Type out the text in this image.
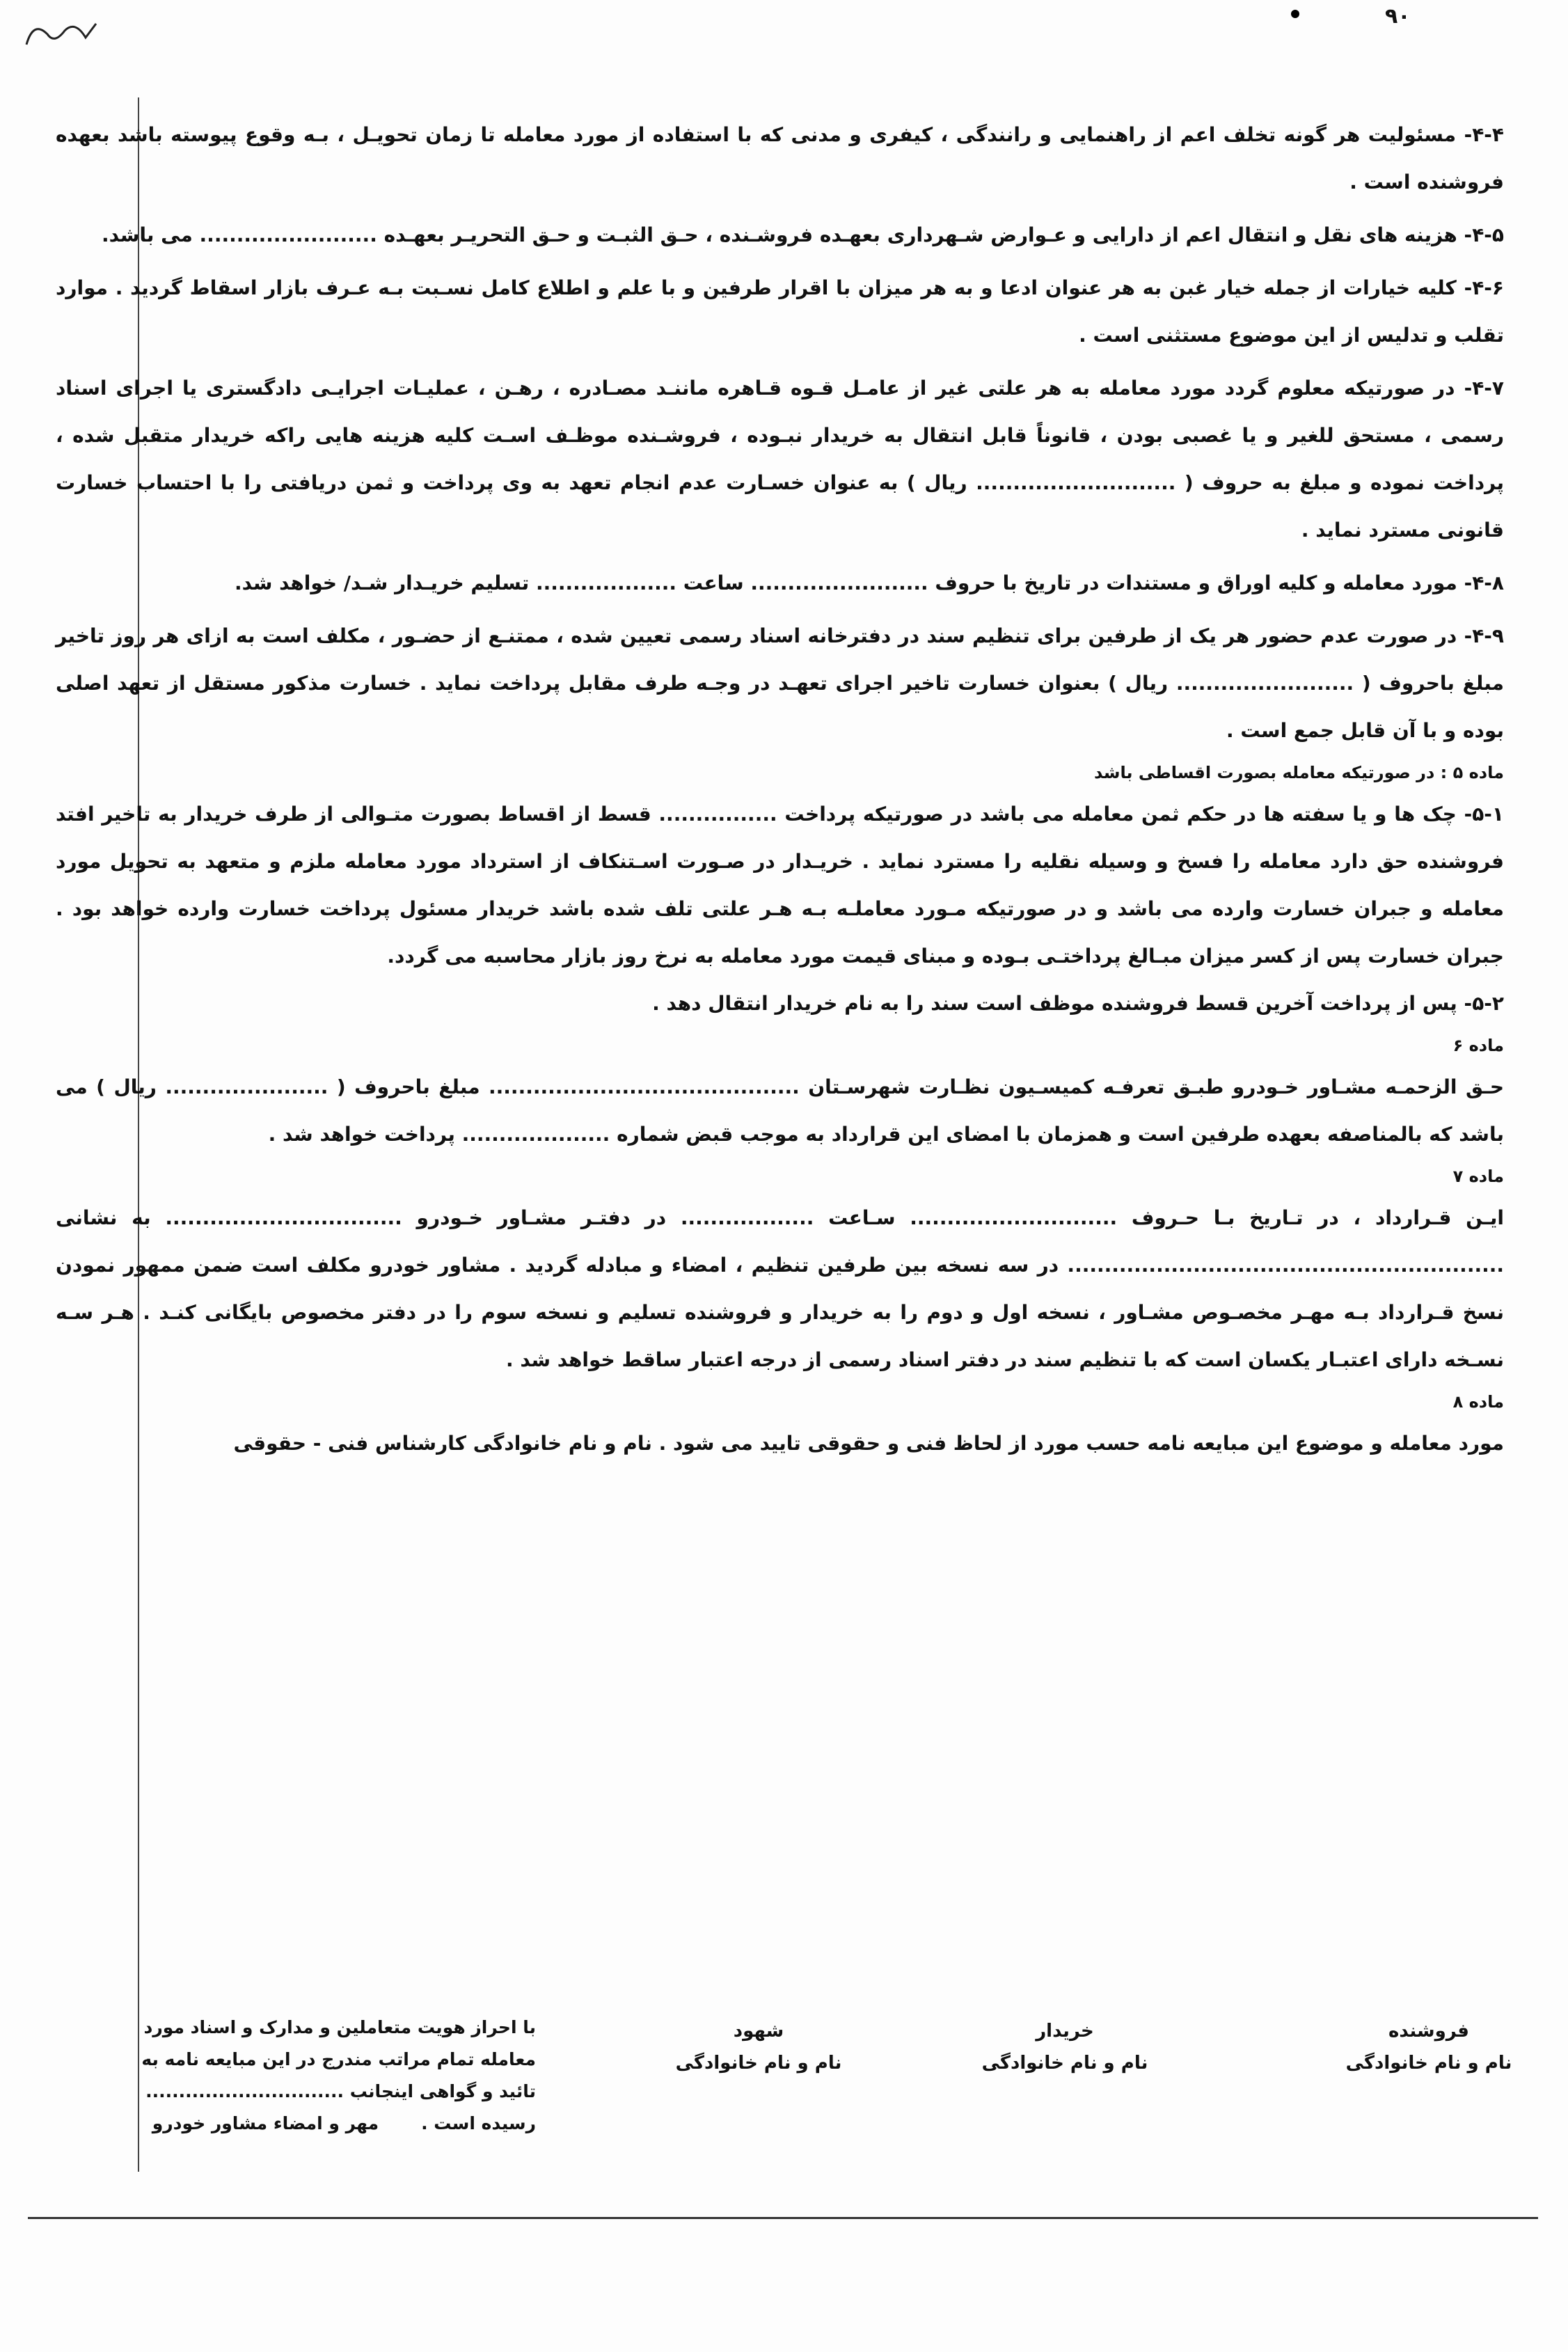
۹۰

۴-۴- مسئولیت هر گونه تخلف اعم از راهنمایی و رانندگی ، کیفری و مدنی که با استفاده از مورد معامله تا زمان تحویـل ، بـه وقوع پیوسته باشد بعهده فروشنده است .

۴-۵- هزینه های نقل و انتقال اعم از دارایی و عـوارض شـهرداری بعهـده فروشـنده ، حـق الثبـت و حـق التحریـر بعهـده ........................ می باشد.

۴-۶- کلیه خیارات از جمله خیار غبن به هر عنوان ادعا و به هر میزان با اقرار طرفین و با علم و اطلاع کامل نسـبت بـه عـرف بازار اسقاط گردید . موارد تقلب و تدلیس از این موضوع مستثنی است .

۴-۷- در صورتیکه معلوم گردد مورد معامله به هر علتی غیر از عامـل قـوه قـاهره ماننـد مصـادره ، رهـن ، عملیـات اجرایـی دادگستری یا اجرای اسناد رسمی ، مستحق للغیر و یا غصبی بودن ، قانوناً قابل انتقال به خریدار نبـوده ، فروشـنده موظـف اسـت کلیه هزینه هایی راکه خریدار متقبل شده ، پرداخت نموده و مبلغ به حروف ( ........................... ریال ) به عنوان خسـارت عدم انجام تعهد به وی پرداخت و ثمن دریافتی را با احتساب خسارت قانونی مسترد نماید .

۴-۸- مورد معامله و کلیه اوراق و مستندات در تاریخ با حروف ........................ ساعت ................... تسلیم خریـدار شـد/ خواهد شد.

۴-۹- در صورت عدم حضور هر یک از طرفین برای تنظیم سند در دفترخانه اسناد رسمی تعیین شده ، ممتنـع از حضـور ، مکلف است به ازای هر روز تاخیر مبلغ باحروف ( ........................ ریال ) بعنوان خسارت تاخیر اجرای تعهـد در وجـه طرف مقابل پرداخت نماید . خسارت مذکور مستقل از تعهد اصلی بوده و با آن قابل جمع است .

ماده ۵ : در صورتیکه معامله بصورت اقساطی باشد

۵-۱- چک ها و یا سفته ها در حکم ثمن معامله می باشد در صورتیکه پرداخت ................ قسط از اقساط بصورت متـوالی از طرف خریدار به تاخیر افتد فروشنده حق دارد معامله را فسخ و وسیله نقلیه را مسترد نماید . خریـدار در صـورت اسـتنکاف از استرداد مورد معامله ملزم و متعهد به تحویل مورد معامله و جبران خسارت وارده می باشد و در صورتیکه مـورد معاملـه بـه هـر علتی تلف شده باشد خریدار مسئول پرداخت خسارت وارده خواهد بود . جبران خسارت پس از کسر میزان مبـالغ پرداختـی بـوده و مبنای قیمت مورد معامله به نرخ روز بازار محاسبه می گردد.

۵-۲- پس از پرداخت آخرین قسط فروشنده موظف است سند را به نام خریدار انتقال دهد .

ماده ۶

حـق الزحمـه مشـاور خـودرو طبـق تعرفـه کمیسـیون نظـارت شهرسـتان .......................................... مبلغ باحروف ( ...................... ریال ) می باشد که بالمناصفه بعهده طرفین است و همزمان با امضای این قرارداد به موجب قبض شماره .................... پرداخت خواهد شد .

ماده ۷

ایـن قـرارداد ، در تـاریخ بـا حـروف ............................ سـاعت .................. در دفتـر مشـاور خـودرو ................................ به نشانی ........................................................... در سه نسخه بین طرفین تنظیم ، امضاء و مبادله گردید . مشاور خودرو مکلف است ضمن ممهور نمودن نسخ قـرارداد بـه مهـر مخصـوص مشـاور ، نسخه اول و دوم را به خریدار و فروشنده تسلیم و نسخه سوم را در دفتر مخصوص بایگانی کنـد . هـر سـه نسـخه دارای اعتبـار یکسان است که با تنظیم سند در دفتر اسناد رسمی از درجه اعتبار ساقط خواهد شد .

ماده ۸

مورد معامله و موضوع این مبایعه نامه حسب مورد از لحاظ فنی و حقوقی تایید می شود . نام و نام خانوادگی کارشناس فنی - حقوقی

فروشنده
نام و نام خانوادگی
خریدار
نام و نام خانوادگی
شهود
نام و نام خانوادگی
با احراز هویت متعاملین و مدارک و اسناد مورد
معامله تمام مراتب مندرج در این مبایعه نامه به
تائید و گواهی اینجانب ..............................
رسیده است .       مهر و امضاء مشاور خودرو
